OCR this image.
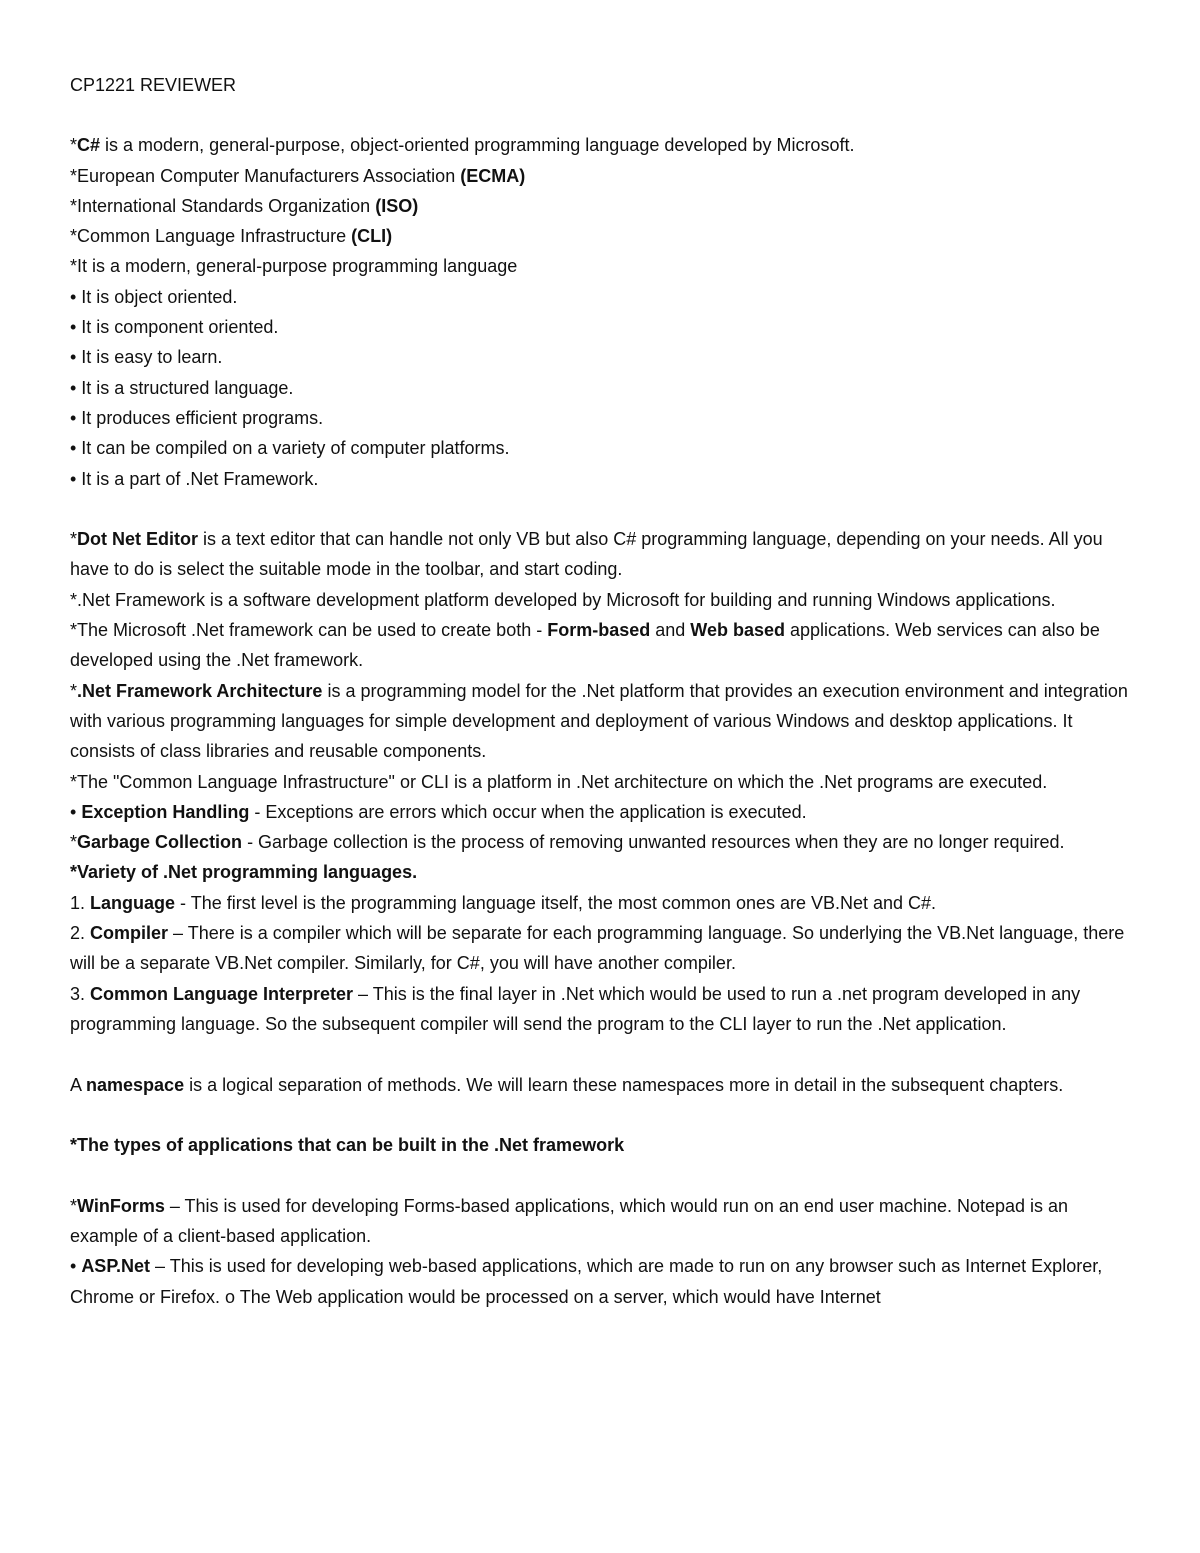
CP1221 REVIEWER

*C# is a modern, general-purpose, object-oriented programming language developed by Microsoft.

*European Computer Manufacturers Association (ECMA)

*International Standards Organization (ISO)

*Common Language Infrastructure (CLI)

*It is a modern, general-purpose programming language

• It is object oriented.

• It is component oriented.

• It is easy to learn.

• It is a structured language.

• It produces efficient programs.

• It can be compiled on a variety of computer platforms.

• It is a part of .Net Framework.

*Dot Net Editor is a text editor that can handle not only VB but also C# programming language, depending on your needs. All you have to do is select the suitable mode in the toolbar, and start coding.

*.Net Framework is a software development platform developed by Microsoft for building and running Windows applications.

*The Microsoft .Net framework can be used to create both - Form-based and Web based applications. Web services can also be developed using the .Net framework.

*.Net Framework Architecture is a programming model for the .Net platform that provides an execution environment and integration with various programming languages for simple development and deployment of various Windows and desktop applications. It consists of class libraries and reusable components.

*The "Common Language Infrastructure" or CLI is a platform in .Net architecture on which the .Net programs are executed.

• Exception Handling - Exceptions are errors which occur when the application is executed.

*Garbage Collection - Garbage collection is the process of removing unwanted resources when they are no longer required.

*Variety of .Net programming languages.

1. Language - The first level is the programming language itself, the most common ones are VB.Net and C#.

2. Compiler – There is a compiler which will be separate for each programming language. So underlying the VB.Net language, there will be a separate VB.Net compiler. Similarly, for C#, you will have another compiler.

3. Common Language Interpreter – This is the final layer in .Net which would be used to run a .net program developed in any programming language. So the subsequent compiler will send the program to the CLI layer to run the .Net application.

A namespace is a logical separation of methods. We will learn these namespaces more in detail in the subsequent chapters.

*The types of applications that can be built in the .Net framework

*WinForms – This is used for developing Forms-based applications, which would run on an end user machine. Notepad is an example of a client-based application.

• ASP.Net – This is used for developing web-based applications, which are made to run on any browser such as Internet Explorer, Chrome or Firefox. o The Web application would be processed on a server, which would have Internet
